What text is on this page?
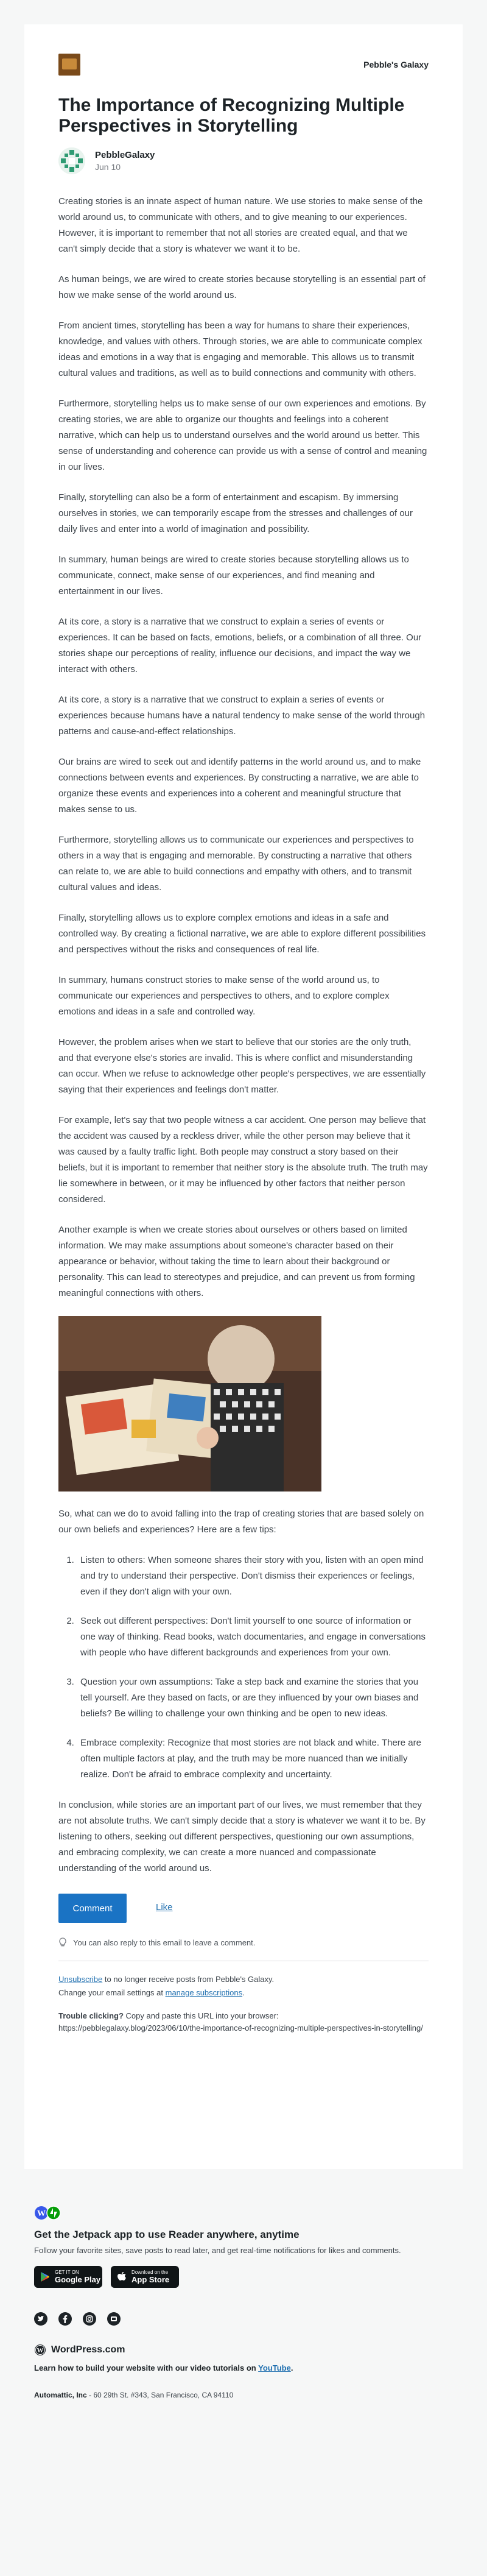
Pebble's Galaxy
The Importance of Recognizing Multiple Perspectives in Storytelling
PebbleGalaxy
Jun 10

Creating stories is an innate aspect of human nature. We use stories to make sense of the world around us, to communicate with others, and to give meaning to our experiences. However, it is important to remember that not all stories are created equal, and that we can't simply decide that a story is whatever we want it to be.

As human beings, we are wired to create stories because storytelling is an essential part of how we make sense of the world around us.

From ancient times, storytelling has been a way for humans to share their experiences, knowledge, and values with others. Through stories, we are able to communicate complex ideas and emotions in a way that is engaging and memorable. This allows us to transmit cultural values and traditions, as well as to build connections and community with others.

Furthermore, storytelling helps us to make sense of our own experiences and emotions. By creating stories, we are able to organize our thoughts and feelings into a coherent narrative, which can help us to understand ourselves and the world around us better. This sense of understanding and coherence can provide us with a sense of control and meaning in our lives.

Finally, storytelling can also be a form of entertainment and escapism. By immersing ourselves in stories, we can temporarily escape from the stresses and challenges of our daily lives and enter into a world of imagination and possibility.

In summary, human beings are wired to create stories because storytelling allows us to communicate, connect, make sense of our experiences, and find meaning and entertainment in our lives.

At its core, a story is a narrative that we construct to explain a series of events or experiences. It can be based on facts, emotions, beliefs, or a combination of all three. Our stories shape our perceptions of reality, influence our decisions, and impact the way we interact with others.

At its core, a story is a narrative that we construct to explain a series of events or experiences because humans have a natural tendency to make sense of the world through patterns and cause-and-effect relationships.

Our brains are wired to seek out and identify patterns in the world around us, and to make connections between events and experiences. By constructing a narrative, we are able to organize these events and experiences into a coherent and meaningful structure that makes sense to us.

Furthermore, storytelling allows us to communicate our experiences and perspectives to others in a way that is engaging and memorable. By constructing a narrative that others can relate to, we are able to build connections and empathy with others, and to transmit cultural values and ideas.

Finally, storytelling allows us to explore complex emotions and ideas in a safe and controlled way. By creating a fictional narrative, we are able to explore different possibilities and perspectives without the risks and consequences of real life.

In summary, humans construct stories to make sense of the world around us, to communicate our experiences and perspectives to others, and to explore complex emotions and ideas in a safe and controlled way.

However, the problem arises when we start to believe that our stories are the only truth, and that everyone else's stories are invalid. This is where conflict and misunderstanding can occur. When we refuse to acknowledge other people's perspectives, we are essentially saying that their experiences and feelings don't matter.

For example, let's say that two people witness a car accident. One person may believe that the accident was caused by a reckless driver, while the other person may believe that it was caused by a faulty traffic light. Both people may construct a story based on their beliefs, but it is important to remember that neither story is the absolute truth. The truth may lie somewhere in between, or it may be influenced by other factors that neither person considered.

Another example is when we create stories about ourselves or others based on limited information. We may make assumptions about someone's character based on their appearance or behavior, without taking the time to learn about their background or personality. This can lead to stereotypes and prejudice, and can prevent us from forming meaningful connections with others.

So, what can we do to avoid falling into the trap of creating stories that are based solely on our own beliefs and experiences? Here are a few tips:

1. Listen to others: When someone shares their story with you, listen with an open mind and try to understand their perspective. Don't dismiss their experiences or feelings, even if they don't align with your own.
2. Seek out different perspectives: Don't limit yourself to one source of information or one way of thinking. Read books, watch documentaries, and engage in conversations with people who have different backgrounds and experiences from your own.
3. Question your own assumptions: Take a step back and examine the stories that you tell yourself. Are they based on facts, or are they influenced by your own biases and beliefs? Be willing to challenge your own thinking and be open to new ideas.
4. Embrace complexity: Recognize that most stories are not black and white. There are often multiple factors at play, and the truth may be more nuanced than we initially realize. Don't be afraid to embrace complexity and uncertainty.

In conclusion, while stories are an important part of our lives, we must remember that they are not absolute truths. We can't simply decide that a story is whatever we want it to be. By listening to others, seeking out different perspectives, questioning our own assumptions, and embracing complexity, we can create a more nuanced and compassionate understanding of the world around us.

Comment	Like
You can also reply to this email to leave a comment.

Unsubscribe to no longer receive posts from Pebble's Galaxy.

Change your email settings at manage subscriptions.

Trouble clicking? Copy and paste this URL into your browser:
https://pebblegalaxy.blog/2023/06/10/the-importance-of-recognizing-multiple-perspectives-in-storytelling/
W
Get the Jetpack app to use Reader anywhere, anytime
Follow your favorite sites, save posts to read later, and get real-time notifications for likes and comments.
GET IT ON
Google Play
Download on the
App Store
W WordPress.com
Learn how to build your website with our video tutorials on YouTube.
Automattic, Inc - 60 29th St. #343, San Francisco, CA 94110
